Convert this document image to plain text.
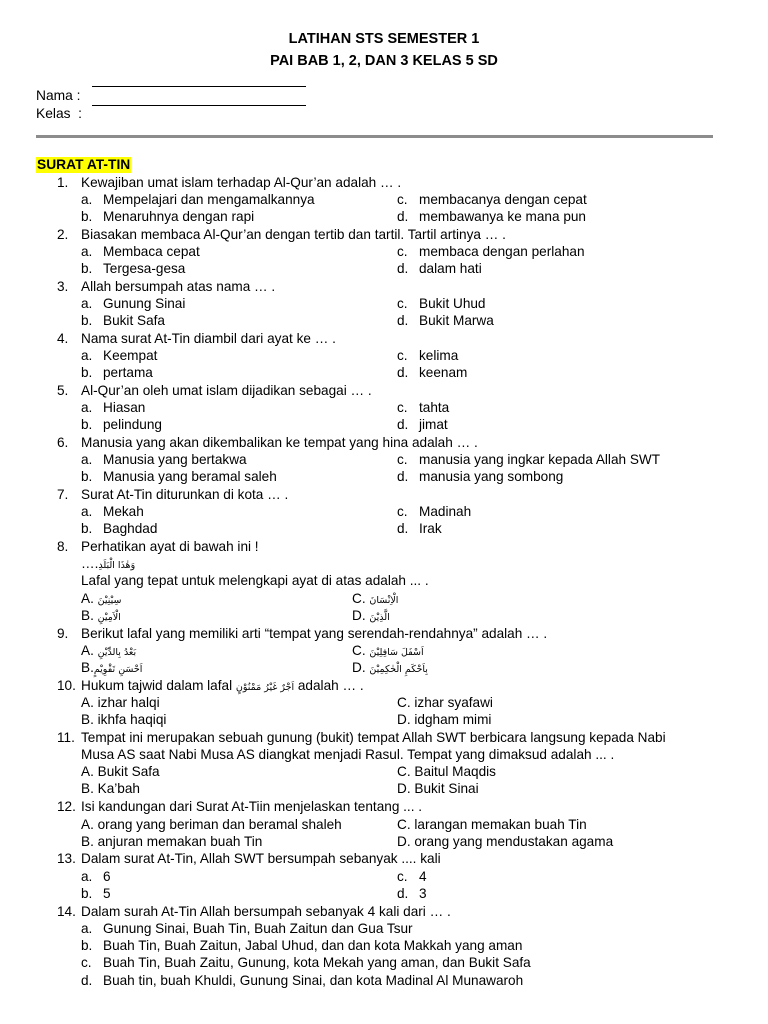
LATIHAN STS SEMESTER 1
PAI BAB 1, 2, DAN 3 KELAS 5 SD
Nama :
Kelas  :
SURAT AT-TIN
1. Kewajiban umat islam terhadap Al-Qur’an adalah … .
a. Mempelajari dan mengamalkannya	c. membacanya dengan cepat
b. Menaruhnya dengan rapi	d. membawanya ke mana pun
2. Biasakan membaca Al-Qur’an dengan tertib dan tartil. Tartil artinya … .
a. Membaca cepat	c. membaca dengan perlahan
b. Tergesa-gesa	d. dalam hati
3. Allah bersumpah atas nama … .
a. Gunung Sinai	c. Bukit Uhud
b. Bukit Safa	d. Bukit Marwa
4. Nama surat At-Tin diambil dari ayat ke … .
a. Keempat	c. kelima
b. pertama	d. keenam
5. Al-Qur’an oleh umat islam dijadikan sebagai … .
a. Hiasan	c. tahta
b. pelindung	d. jimat
6. Manusia yang akan dikembalikan ke tempat yang hina adalah … .
a. Manusia yang bertakwa	c. manusia yang ingkar kepada Allah SWT
b. Manusia yang beramal saleh	d. manusia yang sombong
7. Surat At-Tin diturunkan di kota … .
a. Mekah	c. Madinah
b. Baghdad	d. Irak
8. Perhatikan ayat di bawah ini !
….وَهٰذَا الْبَلَدِ
Lafal yang tepat untuk melengkapi ayat di atas adalah ... .
A. سِيْنِيْنَ	C. الْاِنْسَانَ
B. الْاَمِيْنِ	D. الَّذِيْنَ
9. Berikut lafal yang memiliki arti “tempat yang serendah-rendahnya” adalah … .
A. بَعْدُ بِالدِّيْنِ	C. اَسْفَلَ سَافِلِيْنَ
B.اَحْسَنِ تَقْوِيْمٍ	D. بِاَحْكَمِ الْحٰكِمِيْنَ
10. Hukum tajwid dalam lafal اَجْرٌ غَيْرُ مَمْنُوْنٍ adalah … .
A. izhar halqi	C. izhar syafawi
B. ikhfa haqiqi	D. idgham mimi
11. Tempat ini merupakan sebuah gunung (bukit) tempat Allah SWT berbicara langsung kepada Nabi
Musa AS saat Nabi Musa AS diangkat menjadi Rasul. Tempat yang dimaksud adalah ... .
A. Bukit Safa	C. Baitul Maqdis
B. Ka’bah	D. Bukit Sinai
12. Isi kandungan dari Surat At-Tiin menjelaskan tentang ... .
A. orang yang beriman dan beramal shaleh	C. larangan memakan buah Tin
B. anjuran memakan buah Tin	D. orang yang mendustakan agama
13. Dalam surat At-Tin, Allah SWT bersumpah sebanyak .... kali
a. 6	c. 4
b. 5	d. 3
14. Dalam surah At-Tin Allah bersumpah sebanyak 4 kali dari … .
a. Gunung Sinai, Buah Tin, Buah Zaitun dan Gua Tsur
b. Buah Tin, Buah Zaitun, Jabal Uhud, dan dan kota Makkah yang aman
c. Buah Tin, Buah Zaitu, Gunung, kota Mekah yang aman, dan Bukit Safa
d. Buah tin, buah Khuldi, Gunung Sinai, dan kota Madinal Al Munawaroh
